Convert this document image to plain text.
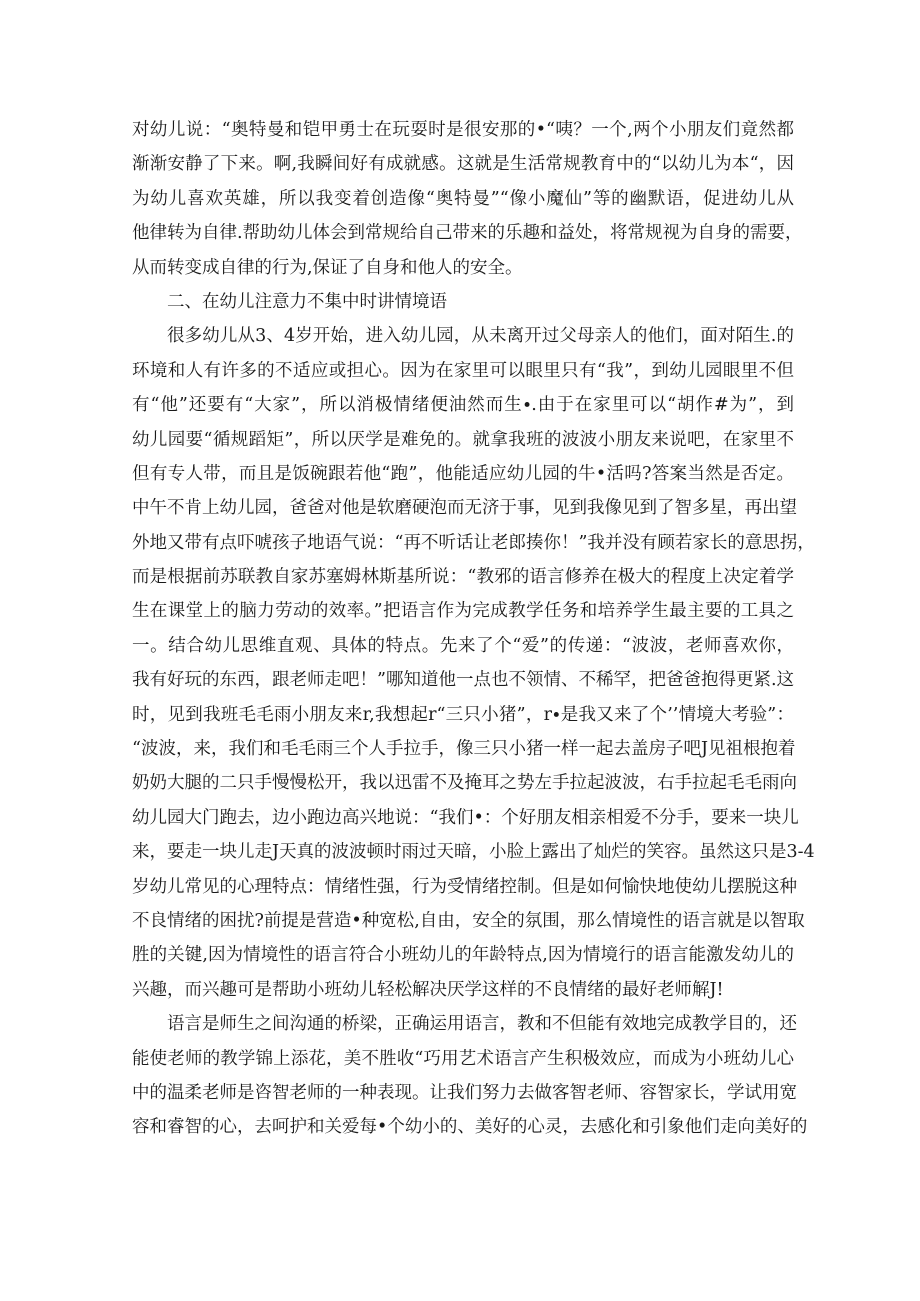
对幼儿说：“奥特曼和铠甲勇士在玩耍时是很安那的•“咦？一个,两个小朋友们竟然都
渐渐安静了下来。啊,我瞬间好有成就感。这就是生活常规教育中的“以幼儿为本“，因
为幼儿喜欢英雄，所以我变着创造像“奥特曼”“像小魔仙”等的幽默语，促进幼儿从
他律转为自律.帮助幼儿体会到常规给自己带来的乐趣和益处，将常规视为自身的需要，
从而转变成自律的行为,保证了自身和他人的安全。
二、在幼儿注意力不集中时讲情境语
很多幼儿从3、4岁开始，进入幼儿园，从未离开过父母亲人的他们，面对陌生.的
环境和人有许多的不适应或担心。因为在家里可以眼里只有“我”，到幼儿园眼里不但
有“他”还要有“大家”，所以消极情绪便油然而生∙.由于在家里可以“胡作#为”，到
幼儿园要“循规蹈矩”，所以厌学是难免的。就拿我班的波波小朋友来说吧，在家里不
但有专人带，而且是饭碗跟若他“跑”，他能适应幼儿园的牛•活吗?答案当然是否定。
中午不肯上幼儿园，爸爸对他是软磨硬泡而无济于事，见到我像见到了智多星，再出望
外地又带有点吓唬孩子地语气说：“再不听话让老郎揍你！”我并没有顾若家长的意思拐，
而是根据前苏联教自家苏塞姆林斯基所说：“教邪的语言修养在极大的程度上决定着学
生在课堂上的脑力劳动的效率。”把语言作为完成教学任务和培养学生最主要的工具之
一。结合幼儿思维直观、具体的特点。先来了个“爱”的传递：“波波，老师喜欢你，
我有好玩的东西，跟老师走吧！”哪知道他一点也不领情、不稀罕，把爸爸抱得更紧.这
时，见到我班毛毛雨小朋友来r,我想起r“三只小猪”，r∙是我又来了个’’情境大考验”：
“波波，来，我们和毛毛雨三个人手拉手，像三只小猪一样一起去盖房子吧J见祖根抱着
奶奶大腿的二只手慢慢松开，我以迅雷不及掩耳之势左手拉起波波，右手拉起毛毛雨向
幼儿园大门跑去，边小跑边高兴地说：“我们•：个好朋友相亲相爱不分手，要来一块儿
来，要走一块儿走J天真的波波顿时雨过天暗，小脸上露出了灿烂的笑容。虽然这只是3-4
岁幼儿常见的心理特点：情绪性强，行为受情绪控制。但是如何愉快地使幼儿摆脱这种
不良情绪的困扰?前提是营造•种宽松,自由，安全的氛围，那么情境性的语言就是以智取
胜的关键,因为情境性的语言符合小班幼儿的年龄特点,因为情境行的语言能激发幼儿的
兴趣，而兴趣可是帮助小班幼儿轻松解决厌学这样的不良情绪的最好老师解J!
语言是师生之间沟通的桥梁，正确运用语言，教和不但能有效地完成教学目的，还
能使老师的教学锦上添花，美不胜收“巧用艺术语言产生积极效应，而成为小班幼儿心
中的温柔老师是咨智老师的一种表现。让我们努力去做客智老师、容智家长，学试用宽
容和睿智的心，去呵护和关爱每•个幼小的、美好的心灵，去感化和引象他们走向美好的
